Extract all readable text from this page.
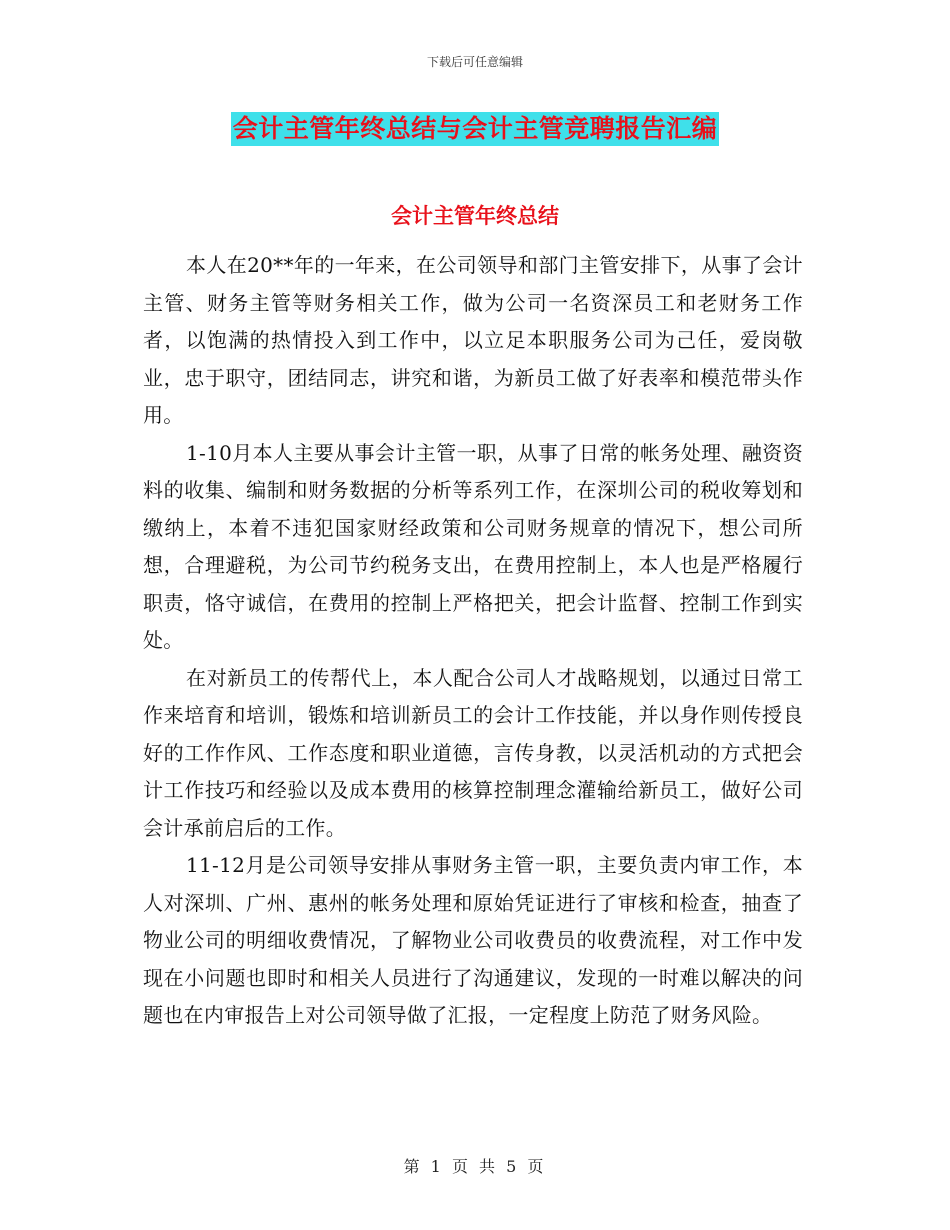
下载后可任意编辑
会计主管年终总结与会计主管竞聘报告汇编
会计主管年终总结

本人在20**年的一年来，在公司领导和部门主管安排下，从事了会计主管、财务主管等财务相关工作，做为公司一名资深员工和老财务工作者，以饱满的热情投入到工作中，以立足本职服务公司为己任，爱岗敬业，忠于职守，团结同志，讲究和谐，为新员工做了好表率和模范带头作用。

1-10月本人主要从事会计主管一职，从事了日常的帐务处理、融资资料的收集、编制和财务数据的分析等系列工作，在深圳公司的税收筹划和缴纳上，本着不违犯国家财经政策和公司财务规章的情况下，想公司所想，合理避税，为公司节约税务支出，在费用控制上，本人也是严格履行职责，恪守诚信，在费用的控制上严格把关，把会计监督、控制工作到实处。

在对新员工的传帮代上，本人配合公司人才战略规划，以通过日常工作来培育和培训，锻炼和培训新员工的会计工作技能，并以身作则传授良好的工作作风、工作态度和职业道德，言传身教，以灵活机动的方式把会计工作技巧和经验以及成本费用的核算控制理念灌输给新员工，做好公司会计承前启后的工作。

11-12月是公司领导安排从事财务主管一职，主要负责内审工作，本人对深圳、广州、惠州的帐务处理和原始凭证进行了审核和检查，抽查了物业公司的明细收费情况，了解物业公司收费员的收费流程，对工作中发现在小问题也即时和相关人员进行了沟通建议，发现的一时难以解决的问题也在内审报告上对公司领导做了汇报，一定程度上防范了财务风险。

第 1 页 共 5 页
